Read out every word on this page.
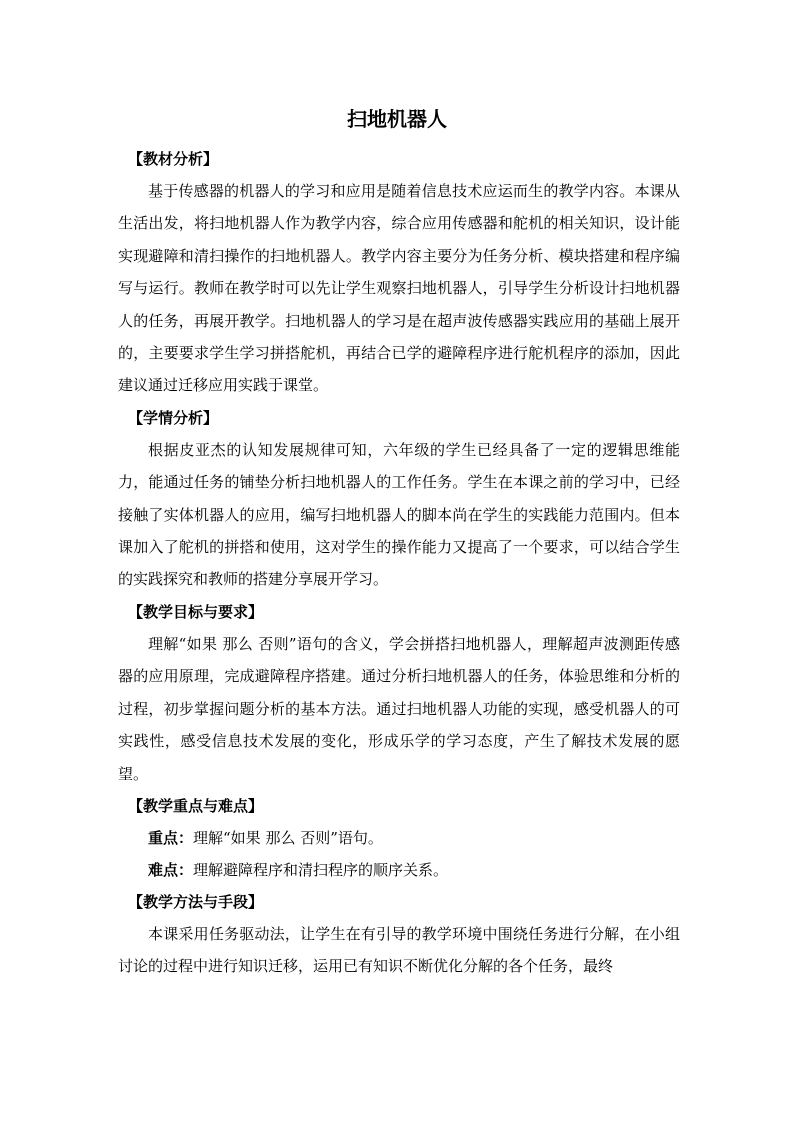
扫地机器人
【教材分析】

基于传感器的机器人的学习和应用是随着信息技术应运而生的教学内容。本课从生活出发，将扫地机器人作为教学内容，综合应用传感器和舵机的相关知识，设计能实现避障和清扫操作的扫地机器人。教学内容主要分为任务分析、模块搭建和程序编写与运行。教师在教学时可以先让学生观察扫地机器人，引导学生分析设计扫地机器人的任务，再展开教学。扫地机器人的学习是在超声波传感器实践应用的基础上展开的，主要要求学生学习拼搭舵机，再结合已学的避障程序进行舵机程序的添加，因此建议通过迁移应用实践于课堂。

【学情分析】

根据皮亚杰的认知发展规律可知，六年级的学生已经具备了一定的逻辑思维能力，能通过任务的铺垫分析扫地机器人的工作任务。学生在本课之前的学习中，已经接触了实体机器人的应用，编写扫地机器人的脚本尚在学生的实践能力范围内。但本课加入了舵机的拼搭和使用，这对学生的操作能力又提高了一个要求，可以结合学生的实践探究和教师的搭建分享展开学习。

【教学目标与要求】

理解“如果 那么 否则”语句的含义，学会拼搭扫地机器人，理解超声波测距传感器的应用原理，完成避障程序搭建。通过分析扫地机器人的任务，体验思维和分析的过程，初步掌握问题分析的基本方法。通过扫地机器人功能的实现，感受机器人的可实践性，感受信息技术发展的变化，形成乐学的学习态度，产生了解技术发展的愿望。

【教学重点与难点】
重点：理解“如果 那么 否则”语句。
难点：理解避障程序和清扫程序的顺序关系。
【教学方法与手段】

本课采用任务驱动法，让学生在有引导的教学环境中围绕任务进行分解，在小组讨论的过程中进行知识迁移，运用已有知识不断优化分解的各个任务，最终
